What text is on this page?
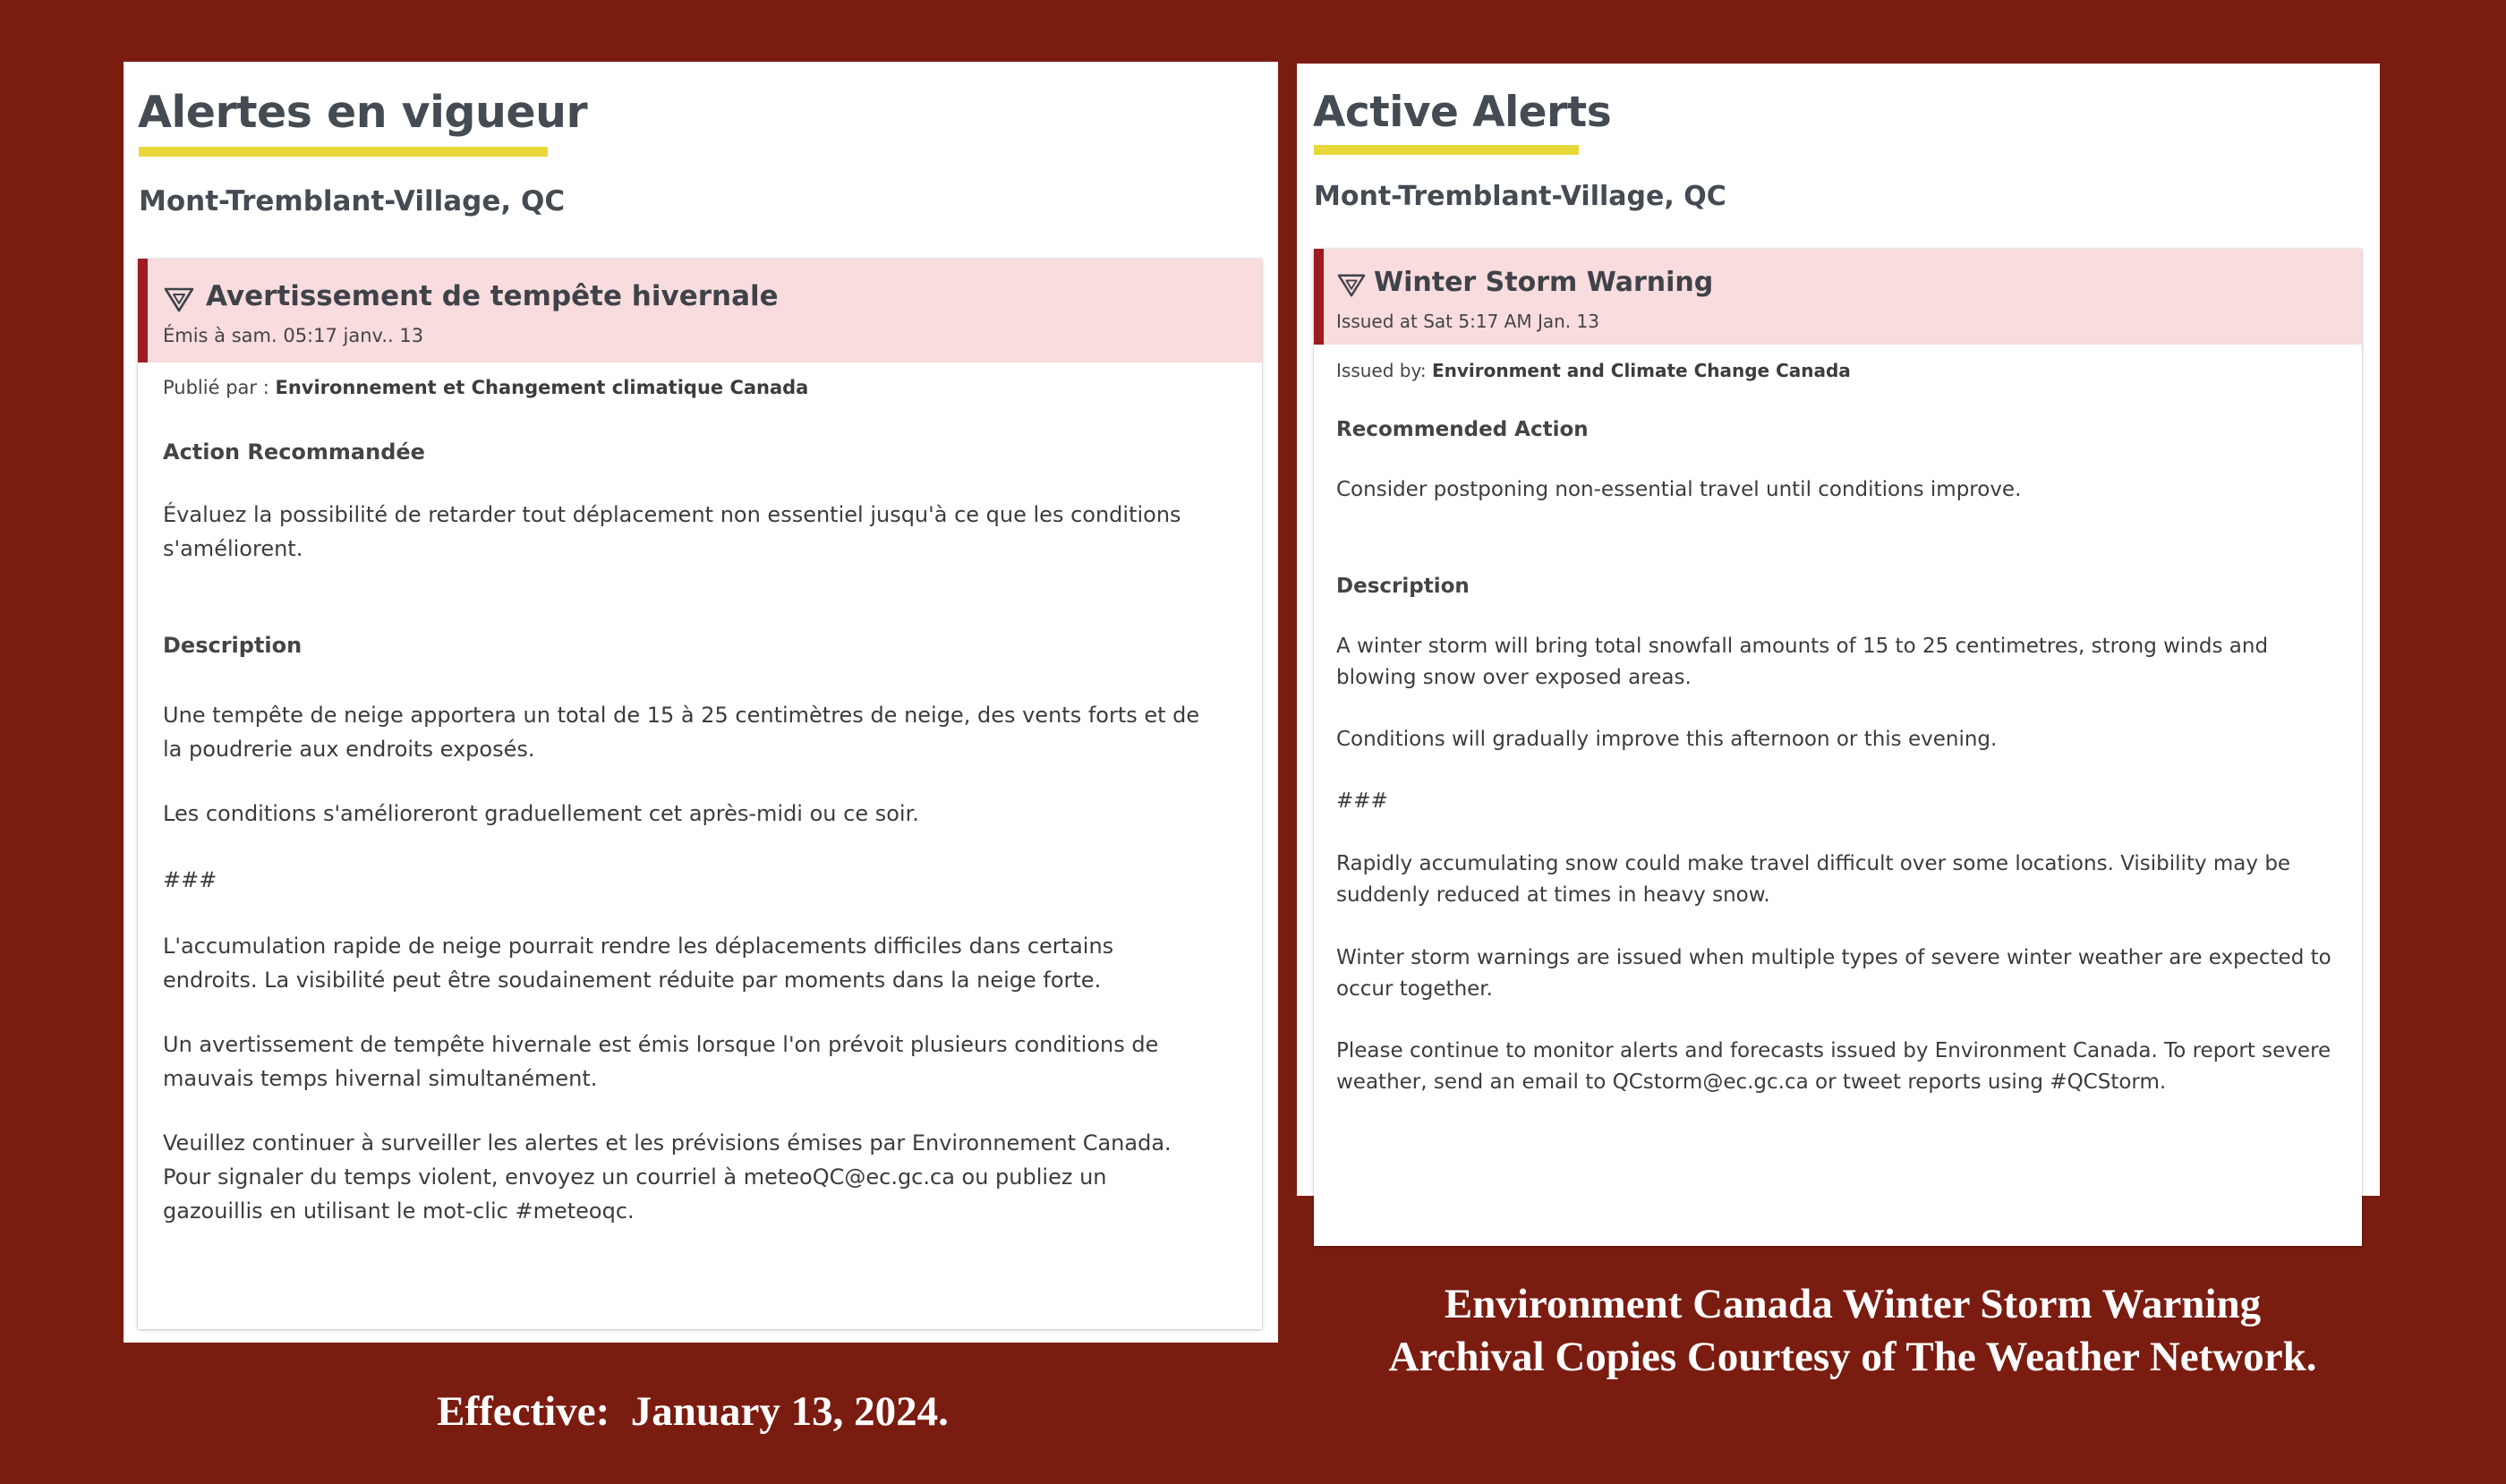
Alertes en vigueur
Mont-Tremblant-Village, QC
Avertissement de tempête hivernale
Émis à sam. 05:17 janv.. 13
Publié par : Environnement et Changement climatique Canada
Action Recommandée

Évaluez la possibilité de retarder tout déplacement non essentiel jusqu'à ce que les conditions

s'améliorent.

Description

Une tempête de neige apportera un total de 15 à 25 centimètres de neige, des vents forts et de

la poudrerie aux endroits exposés.

Les conditions s'amélioreront graduellement cet après-midi ou ce soir.

###

L'accumulation rapide de neige pourrait rendre les déplacements difficiles dans certains

endroits. La visibilité peut être soudainement réduite par moments dans la neige forte.

Un avertissement de tempête hivernale est émis lorsque l'on prévoit plusieurs conditions de

mauvais temps hivernal simultanément.

Veuillez continuer à surveiller les alertes et les prévisions émises par Environnement Canada.

Pour signaler du temps violent, envoyez un courriel à meteoQC@ec.gc.ca ou publiez un

gazouillis en utilisant le mot-clic #meteoqc.

Active Alerts
Mont-Tremblant-Village, QC
Winter Storm Warning
Issued at Sat 5:17 AM Jan. 13
Issued by: Environment and Climate Change Canada
Recommended Action

Consider postponing non-essential travel until conditions improve.

Description

A winter storm will bring total snowfall amounts of 15 to 25 centimetres, strong winds and

blowing snow over exposed areas.

Conditions will gradually improve this afternoon or this evening.

###

Rapidly accumulating snow could make travel difficult over some locations. Visibility may be

suddenly reduced at times in heavy snow.

Winter storm warnings are issued when multiple types of severe winter weather are expected to

occur together.

Please continue to monitor alerts and forecasts issued by Environment Canada. To report severe

weather, send an email to QCstorm@ec.gc.ca or tweet reports using #QCStorm.

Effective:  January 13, 2024.
Environment Canada Winter Storm Warning
Archival Copies Courtesy of The Weather Network.
